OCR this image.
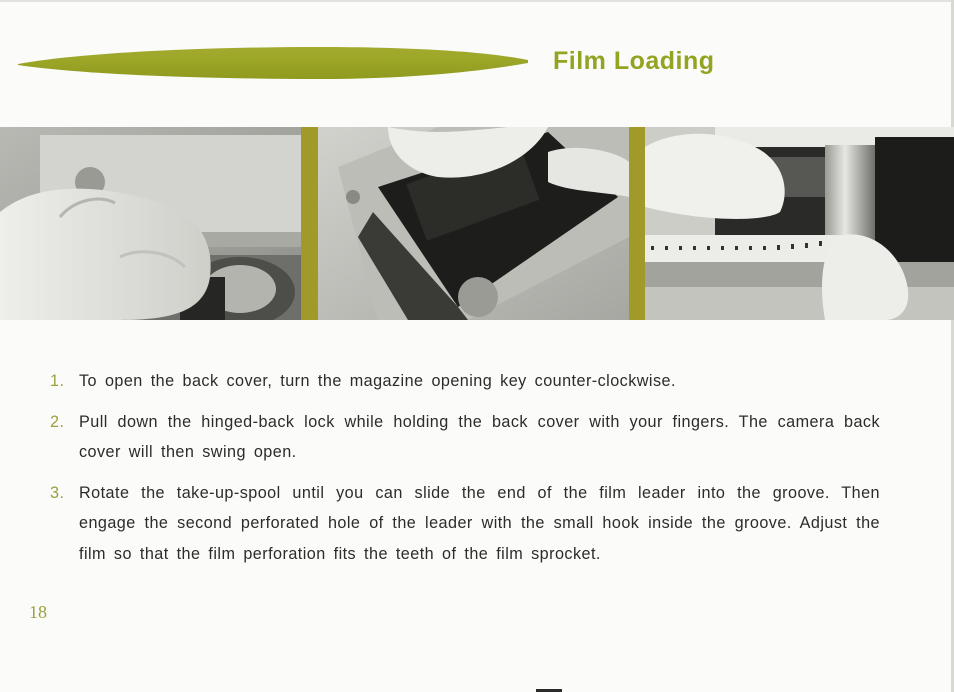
Film Loading
1. To open the back cover, turn the magazine opening key counter-clockwise.
2. Pull down the hinged-back lock while holding the back cover with your fingers. The camera back cover will then swing open.
3. Rotate the take-up-spool until you can slide the end of the film leader into the groove. Then engage the second perforated hole of the leader with the small hook inside the groove. Adjust the film so that the film perforation fits the teeth of the film sprocket.
18
